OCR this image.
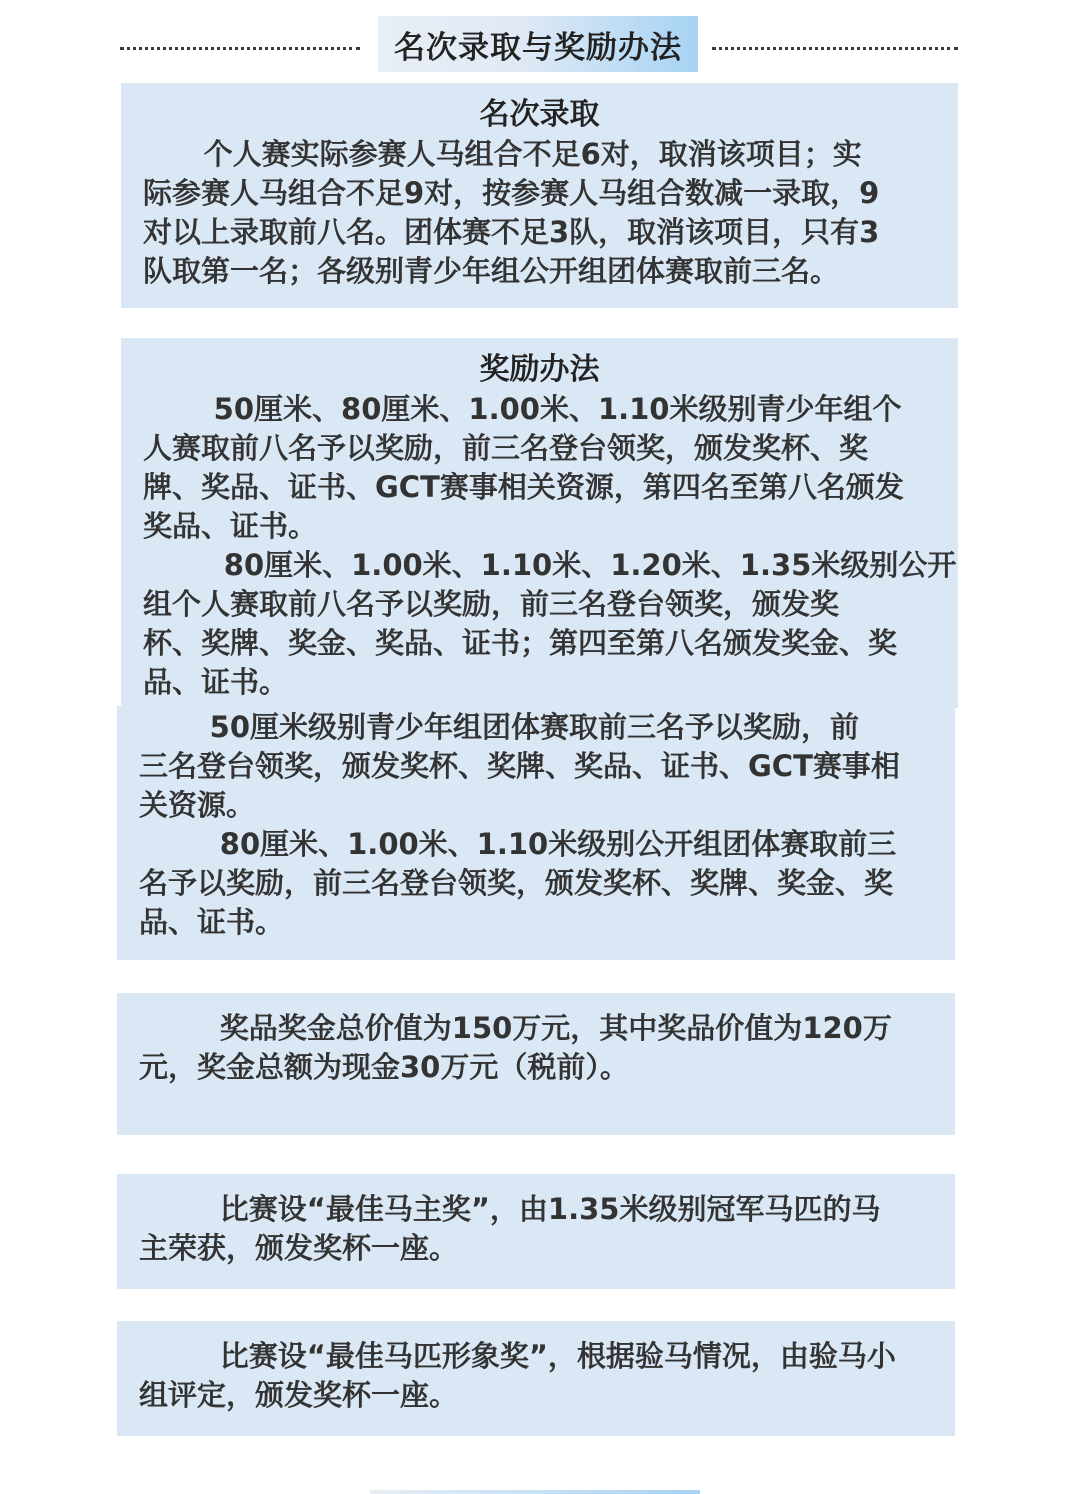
名次录取与奖励办法
名次录取

个人赛实际参赛人马组合不足6对，取消该项目；实

际参赛人马组合不足9对，按参赛人马组合数减一录取，9

对以上录取前八名。团体赛不足3队，取消该项目，只有3

队取第一名；各级别青少年组公开组团体赛取前三名。

奖励办法

50厘米、80厘米、1.00米、1.10米级别青少年组个

人赛取前八名予以奖励，前三名登台领奖，颁发奖杯、奖

牌、奖品、证书、GCT赛事相关资源，第四名至第八名颁发

奖品、证书。

80厘米、1.00米、1.10米、1.20米、1.35米级别公开

组个人赛取前八名予以奖励，前三名登台领奖，颁发奖

杯、奖牌、奖金、奖品、证书；第四至第八名颁发奖金、奖

品、证书。

50厘米级别青少年组团体赛取前三名予以奖励，前

三名登台领奖，颁发奖杯、奖牌、奖品、证书、GCT赛事相

关资源。

80厘米、1.00米、1.10米级别公开组团体赛取前三

名予以奖励，前三名登台领奖，颁发奖杯、奖牌、奖金、奖

品、证书。

奖品奖金总价值为150万元，其中奖品价值为120万

元，奖金总额为现金30万元（税前）。

比赛设“最佳马主奖”，由1.35米级别冠军马匹的马

主荣获，颁发奖杯一座。

比赛设“最佳马匹形象奖”，根据验马情况，由验马小

组评定，颁发奖杯一座。
